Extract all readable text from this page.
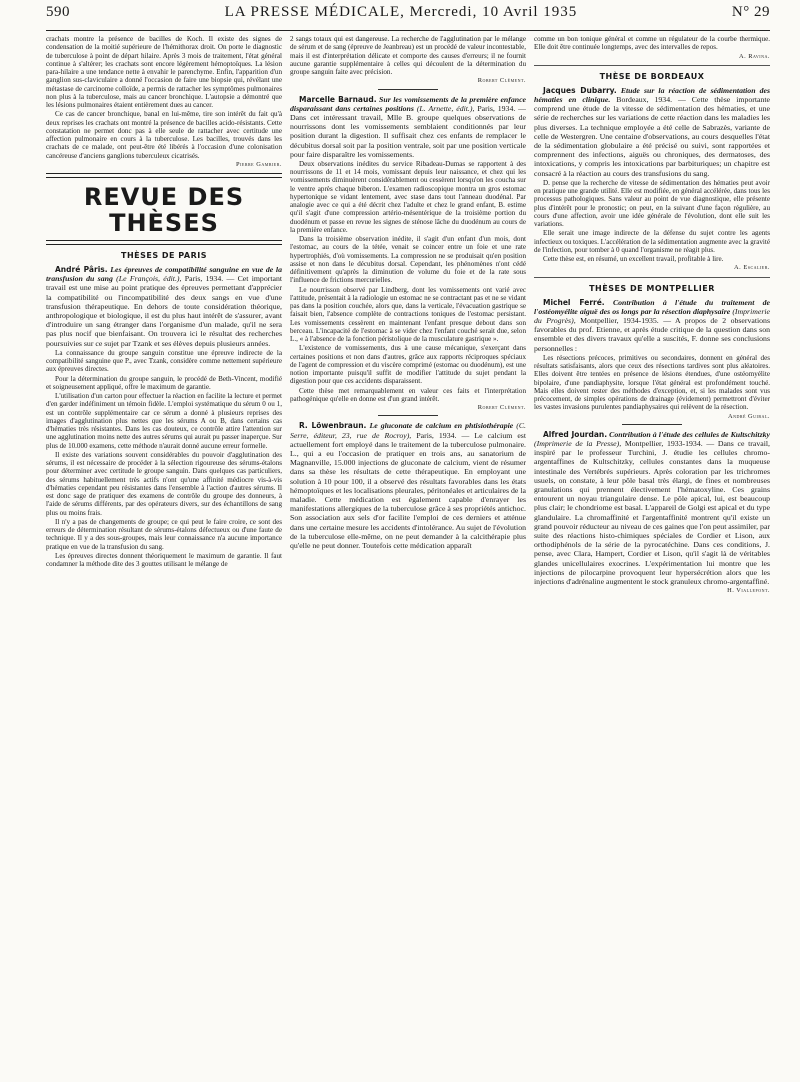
590	LA PRESSE MÉDICALE, Mercredi, 10 Avril 1935	N° 29

crachats montre la présence de bacilles de Koch. Il existe des signes de condensation de la moitié supérieure de l'hémithorax droit. On porte le diagnostic de tuberculose à point de départ hilaire. Après 3 mois de traitement, l'état général continue à s'altérer; les crachats sont encore légèrement hémoptoïques. La lésion para-hilaire a une tendance nette à envahir le parenchyme. Enfin, l'apparition d'un ganglion sus-claviculaire a donné l'occasion de faire une biopsie qui, révélant une métastase de carcinome colloïde, a permis de rattacher les symptômes pulmonaires non plus à la tuberculose, mais au cancer bronchique. L'autopsie a démontré que les lésions pulmonaires étaient entièrement dues au cancer.

Ce cas de cancer bronchique, banal en lui-même, tire son intérêt du fait qu'à deux reprises les crachats ont montré la présence de bacilles acido-résistants. Cette constatation ne permet donc pas à elle seule de rattacher avec certitude une affection pulmonaire en cours à la tuberculose. Les bacilles, trouvés dans les crachats de ce malade, ont peut-être été libérés à l'occasion d'une colonisation cancéreuse d'anciens ganglions tuberculeux cicatrisés.

Pierre Gambier.
REVUE DES THÈSES
THÈSES DE PARIS

André Pâris. Les épreuves de compatibilité sanguine en vue de la transfusion du sang (Le François, édit.), Paris, 1934. — Cet important travail est une mise au point pratique des épreuves permettant d'apprécier la compatibilité ou l'incompatibilité des deux sangs en vue d'une transfusion thérapeutique. En dehors de toute considération théorique, anthropologique et biologique, il est du plus haut intérêt de s'assurer, avant d'introduire un sang étranger dans l'organisme d'un malade, qu'il ne sera pas plus nocif que bienfaisant. On trouvera ici le résultat des recherches poursuivies sur ce sujet par Tzank et ses élèves depuis plusieurs années.

La connaissance du groupe sanguin constitue une épreuve indirecte de la compatibilité sanguine que P., avec Tzank, considère comme nettement supérieure aux épreuves directes.

Pour la détermination du groupe sanguin, le procédé de Beth-Vincent, modifié et soigneusement appliqué, offre le maximum de garantie.

L'utilisation d'un carton pour effectuer la réaction en facilite la lecture et permet d'en garder indéfiniment un témoin fidèle. L'emploi systématique du sérum 0 ou 1, est un contrôle supplémentaire car ce sérum a donné à plusieurs reprises des images d'agglutination plus nettes que les sérums A ou B, dans certains cas d'hématies très résistantes. Dans les cas douteux, ce contrôle attire l'attention sur une agglutination moins nette des autres sérums qui aurait pu passer inaperçue. Sur plus de 10.000 examens, cette méthode n'aurait donné aucune erreur formelle.

Il existe des variations souvent considérables du pouvoir d'agglutination des sérums, il est nécessaire de procéder à la sélection rigoureuse des sérums-étalons pour déterminer avec certitude le groupe sanguin. Dans quelques cas particuliers, des sérums habituellement très actifs n'ont qu'une affinité médiocre vis-à-vis d'hématies cependant peu résistantes dans l'ensemble à l'action d'autres sérums. Il est donc sage de pratiquer des examens de contrôle du groupe des donneurs, à l'aide de sérums différents, par des opérateurs divers, sur des échantillons de sang plus ou moins frais.

Il n'y a pas de changements de groupe; ce qui peut le faire croire, ce sont des erreurs de détermination résultant de sérums-étalons défectueux ou d'une faute de technique. Il y a des sous-groupes, mais leur connaissance n'a aucune importance pratique en vue de la transfusion du sang.

Les épreuves directes donnent théoriquement le maximum de garantie. Il faut condamner la méthode dite des 3 gouttes utilisant le mélange de

2 sangs totaux qui est dangereuse. La recherche de l'agglutination par le mélange de sérum et de sang (épreuve de Jeanbreau) est un procédé de valeur incontestable, mais il est d'interprétation délicate et comporte des causes d'erreurs; il ne fournit aucune garantie supplémentaire à celles qui découlent de la détermination du groupe sanguin faite avec précision.

Robert Clément.

Marcelle Barnaud. Sur les vomissements de la première enfance disparaissant dans certaines positions (L. Arnette, édit.), Paris, 1934. — Dans cet intéressant travail, Mlle B. groupe quelques observations de nourrissons dont les vomissements semblaient conditionnés par leur position durant la digestion. Il suffisait chez ces enfants de remplacer le décubitus dorsal soit par la position ventrale, soit par une position verticale pour faire disparaître les vomissements.

Deux observations inédites du service Ribadeau-Dumas se rapportent à des nourrissons de 11 et 14 mois, vomissant depuis leur naissance, et chez qui les vomissements diminuèrent considérablement ou cessèrent lorsqu'on les coucha sur le ventre après chaque biberon. L'examen radioscopique montra un gros estomac hypertonique se vidant lentement, avec stase dans tout l'anneau duodénal. Par analogie avec ce qui a été décrit chez l'adulte et chez le grand enfant, B. estime qu'il s'agit d'une compression artério-mésentérique de la troisième portion du duodénum et passe en revue les signes de sténose lâche du duodénum au cours de la première enfance.

Dans la troisième observation inédite, il s'agit d'un enfant d'un mois, dont l'estomac, au cours de la tétée, venait se coincer entre un foie et une rate hypertrophiés, d'où vomissements. La compression ne se produisait qu'en position assise et non dans le décubitus dorsal. Cependant, les phénomènes n'ont cédé définitivement qu'après la diminution de volume du foie et de la rate sous l'influence de frictions mercurielles.

Le nourrisson observé par Lindberg, dont les vomissements ont varié avec l'attitude, présentait à la radiologie un estomac ne se contractant pas et ne se vidant pas dans la position couchée, alors que, dans la verticale, l'évacuation gastrique se faisait bien, l'absence complète de contractions toniques de l'estomac persistant. Les vomissements cessèrent en maintenant l'enfant presque debout dans son berceau. L'incapacité de l'estomac à se vider chez l'enfant couché serait due, selon L., « à l'absence de la fonction péristolique de la musculature gastrique ».

L'existence de vomissements, dus à une cause mécanique, s'exerçant dans certaines positions et non dans d'autres, grâce aux rapports réciproques spéciaux de l'agent de compression et du viscère comprimé (estomac ou duodénum), est une notion importante puisqu'il suffit de modifier l'attitude du sujet pendant la digestion pour que ces accidents disparaissent.

Cette thèse met remarquablement en valeur ces faits et l'interprétation pathogénique qu'elle en donne est d'un grand intérêt.

Robert Clément.

R. Löwenbraun. Le gluconate de calcium en phtisiothérapie (C. Serre, éditeur, 23, rue de Rocroy), Paris, 1934. — Le calcium est actuellement fort employé dans le traitement de la tuberculose pulmonaire. L., qui a eu l'occasion de pratiquer en trois ans, au sanatorium de Magnanville, 15.000 injections de gluconate de calcium, vient de résumer dans sa thèse les résultats de cette thérapeutique. En employant une solution à 10 pour 100, il a observé des résultats favorables dans les états hémoptoïques et les localisations pleurales, péritonéales et articulaires de la maladie. Cette médication est également capable d'enrayer les manifestations allergiques de la tuberculose grâce à ses propriétés antichoc. Son association aux sels d'or facilite l'emploi de ces derniers et atténue dans une certaine mesure les accidents d'intolérance. Au sujet de l'évolution de la tuberculose elle-même, on ne peut demander à la calcithérapie plus qu'elle ne peut donner. Toutefois cette médication apparaît

comme un bon tonique général et comme un régulateur de la courbe thermique. Elle doit être continuée longtemps, avec des intervalles de repos.

A. Ravina.
THÈSE DE BORDEAUX

Jacques Dubarry. Etude sur la réaction de sédimentation des hématies en clinique. Bordeaux, 1934. — Cette thèse importante comprend une étude de la vitesse de sédimentation des hématies, et une série de recherches sur les variations de cette réaction dans les maladies les plus diverses. La technique employée a été celle de Sabrazès, variante de celle de Westergren. Une centaine d'observations, au cours desquelles l'état de la sédimentation globulaire a été précisé ou suivi, sont rapportées et comprennent des infections, aiguës ou chroniques, des dermatoses, des intoxications, y compris les intoxications par barbituriques; un chapitre est consacré à la réaction au cours des transfusions du sang.

D. pense que la recherche de vitesse de sédimentation des hématies peut avoir en pratique une grande utilité. Elle est modifiée, en général accélérée, dans tous les processus pathologiques. Sans valeur au point de vue diagnostique, elle présente plus d'intérêt pour le pronostic; on peut, en la suivant d'une façon régulière, au cours d'une affection, avoir une idée générale de l'évolution, dont elle suit les variations.

Elle serait une image indirecte de la défense du sujet contre les agents infectieux ou toxiques. L'accélération de la sédimentation augmente avec la gravité de l'infection, pour tomber à 0 quand l'organisme ne réagit plus.

Cette thèse est, en résumé, un excellent travail, profitable à lire.

A. Escalier.
THÈSES DE MONTPELLIER

Michel Ferré. Contribution à l'étude du traitement de l'ostéomyélite aiguë des os longs par la résection diaphysaire (Imprimerie du Progrès), Montpellier, 1934-1935. — A propos de 2 observations favorables du prof. Etienne, et après étude critique de la question dans son ensemble et des divers travaux qu'elle a suscités, F. donne ses conclusions personnelles :

Les résections précoces, primitives ou secondaires, donnent en général des résultats satisfaisants, alors que ceux des résections tardives sont plus aléatoires. Elles doivent être tentées en présence de lésions étendues, d'une ostéomyélite bipolaire, d'une pandiaphysite, lorsque l'état général est profondément touché. Mais elles doivent rester des méthodes d'exception, et, si les malades sont vus précocement, de simples opérations de drainage (évidement) permettront d'éviter les vastes invasions purulentes pandiaphysaires qui relèvent de la résection.

André Guibal.

Alfred Jourdan. Contribution à l'étude des cellules de Kultschitzky (Imprimerie de la Presse), Montpellier, 1933-1934. — Dans ce travail, inspiré par le professeur Turchini, J. étudie les cellules chromo-argentaffines de Kultschitzky, cellules constantes dans la muqueuse intestinale des Vertébrés supérieurs. Après coloration par les trichromes usuels, on constate, à leur pôle basal très élargi, de fines et nombreuses granulations qui prennent électivement l'hématoxyline. Ces grains entourent un noyau triangulaire dense. Le pôle apical, lui, est beaucoup plus clair; le chondriome est basal. L'appareil de Golgi est apical et du type glandulaire. La chromaffinité et l'argentaffinité montrent qu'il existe un grand pouvoir réducteur au niveau de ces gaines que l'on peut assimiler, par suite des réactions histo-chimiques spéciales de Cordier et Lison, aux orthodiphénols de la série de la pyrocatéchine. Dans ces conditions, J. pense, avec Clara, Hampert, Cordier et Lison, qu'il s'agit là de véritables glandes unicellulaires exocrines. L'expérimentation lui montre que les injections de pilocarpine provoquent leur hypersécrétion alors que les injections d'adrénaline augmentent le stock granuleux chromo-argentaffiné.

H. Viallefont.
